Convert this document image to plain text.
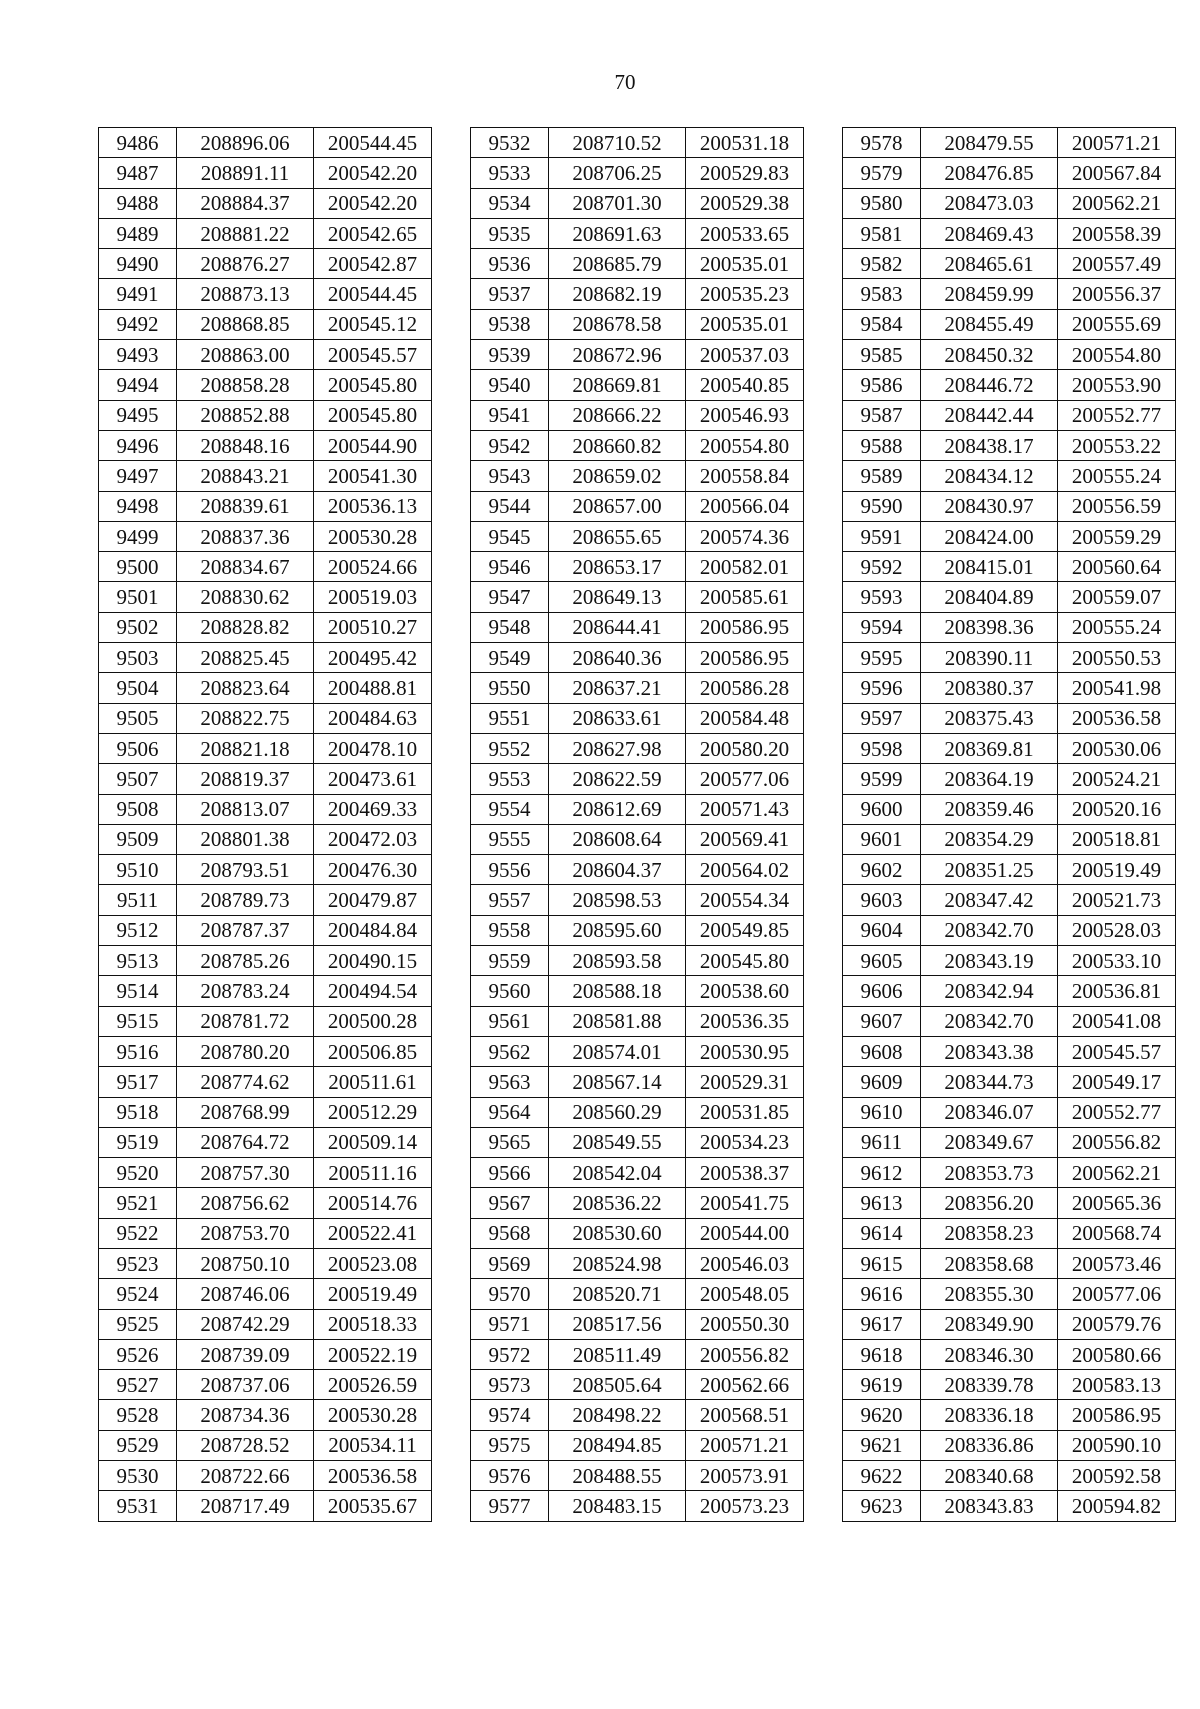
70
9486	208896.06	200544.45
9487	208891.11	200542.20
9488	208884.37	200542.20
9489	208881.22	200542.65
9490	208876.27	200542.87
9491	208873.13	200544.45
9492	208868.85	200545.12
9493	208863.00	200545.57
9494	208858.28	200545.80
9495	208852.88	200545.80
9496	208848.16	200544.90
9497	208843.21	200541.30
9498	208839.61	200536.13
9499	208837.36	200530.28
9500	208834.67	200524.66
9501	208830.62	200519.03
9502	208828.82	200510.27
9503	208825.45	200495.42
9504	208823.64	200488.81
9505	208822.75	200484.63
9506	208821.18	200478.10
9507	208819.37	200473.61
9508	208813.07	200469.33
9509	208801.38	200472.03
9510	208793.51	200476.30
9511	208789.73	200479.87
9512	208787.37	200484.84
9513	208785.26	200490.15
9514	208783.24	200494.54
9515	208781.72	200500.28
9516	208780.20	200506.85
9517	208774.62	200511.61
9518	208768.99	200512.29
9519	208764.72	200509.14
9520	208757.30	200511.16
9521	208756.62	200514.76
9522	208753.70	200522.41
9523	208750.10	200523.08
9524	208746.06	200519.49
9525	208742.29	200518.33
9526	208739.09	200522.19
9527	208737.06	200526.59
9528	208734.36	200530.28
9529	208728.52	200534.11
9530	208722.66	200536.58
9531	208717.49	200535.67
9532	208710.52	200531.18
9533	208706.25	200529.83
9534	208701.30	200529.38
9535	208691.63	200533.65
9536	208685.79	200535.01
9537	208682.19	200535.23
9538	208678.58	200535.01
9539	208672.96	200537.03
9540	208669.81	200540.85
9541	208666.22	200546.93
9542	208660.82	200554.80
9543	208659.02	200558.84
9544	208657.00	200566.04
9545	208655.65	200574.36
9546	208653.17	200582.01
9547	208649.13	200585.61
9548	208644.41	200586.95
9549	208640.36	200586.95
9550	208637.21	200586.28
9551	208633.61	200584.48
9552	208627.98	200580.20
9553	208622.59	200577.06
9554	208612.69	200571.43
9555	208608.64	200569.41
9556	208604.37	200564.02
9557	208598.53	200554.34
9558	208595.60	200549.85
9559	208593.58	200545.80
9560	208588.18	200538.60
9561	208581.88	200536.35
9562	208574.01	200530.95
9563	208567.14	200529.31
9564	208560.29	200531.85
9565	208549.55	200534.23
9566	208542.04	200538.37
9567	208536.22	200541.75
9568	208530.60	200544.00
9569	208524.98	200546.03
9570	208520.71	200548.05
9571	208517.56	200550.30
9572	208511.49	200556.82
9573	208505.64	200562.66
9574	208498.22	200568.51
9575	208494.85	200571.21
9576	208488.55	200573.91
9577	208483.15	200573.23
9578	208479.55	200571.21
9579	208476.85	200567.84
9580	208473.03	200562.21
9581	208469.43	200558.39
9582	208465.61	200557.49
9583	208459.99	200556.37
9584	208455.49	200555.69
9585	208450.32	200554.80
9586	208446.72	200553.90
9587	208442.44	200552.77
9588	208438.17	200553.22
9589	208434.12	200555.24
9590	208430.97	200556.59
9591	208424.00	200559.29
9592	208415.01	200560.64
9593	208404.89	200559.07
9594	208398.36	200555.24
9595	208390.11	200550.53
9596	208380.37	200541.98
9597	208375.43	200536.58
9598	208369.81	200530.06
9599	208364.19	200524.21
9600	208359.46	200520.16
9601	208354.29	200518.81
9602	208351.25	200519.49
9603	208347.42	200521.73
9604	208342.70	200528.03
9605	208343.19	200533.10
9606	208342.94	200536.81
9607	208342.70	200541.08
9608	208343.38	200545.57
9609	208344.73	200549.17
9610	208346.07	200552.77
9611	208349.67	200556.82
9612	208353.73	200562.21
9613	208356.20	200565.36
9614	208358.23	200568.74
9615	208358.68	200573.46
9616	208355.30	200577.06
9617	208349.90	200579.76
9618	208346.30	200580.66
9619	208339.78	200583.13
9620	208336.18	200586.95
9621	208336.86	200590.10
9622	208340.68	200592.58
9623	208343.83	200594.82
